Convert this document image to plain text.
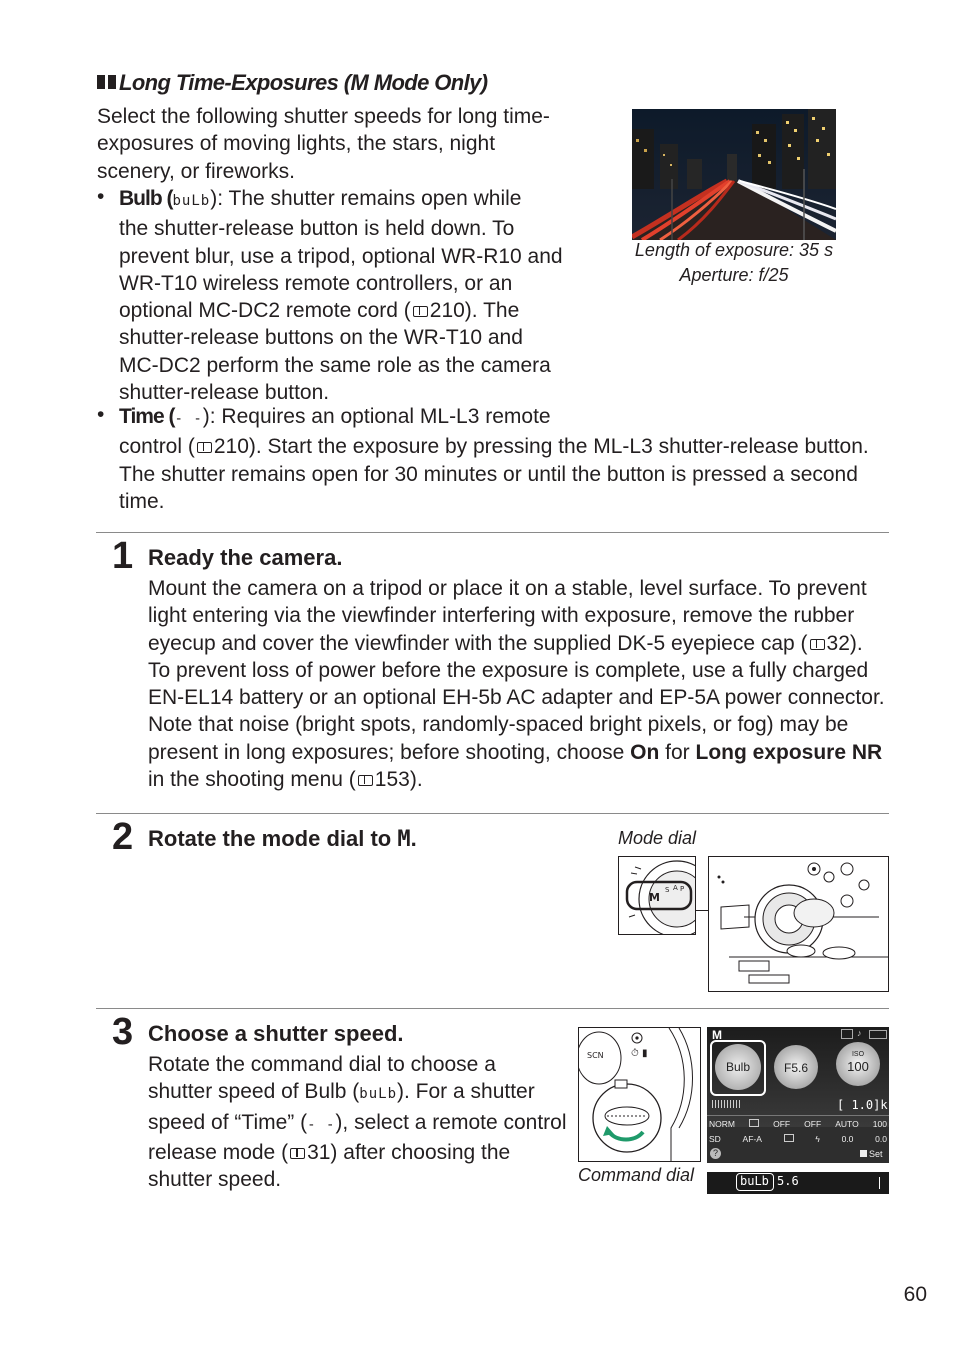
Long Time-Exposures (M Mode Only)
Select the following shutter speeds for long time-
exposures of moving lights, the stars, night
scenery, or fireworks.
Length of exposure: 35 s
Aperture: f/25
• Bulb (buLb): The shutter remains open while
the shutter-release button is held down. To
prevent blur, use a tripod, optional WR-R10 and
WR-T10 wireless remote controllers, or an
optional MC-DC2 remote cord ( 210). The
shutter-release buttons on the WR-T10 and
MC-DC2 perform the same role as the camera
shutter-release button.
• Time (- -): Requires an optional ML-L3 remote
control ( 210). Start the exposure by pressing the ML-L3 shutter-release button.
The shutter remains open for 30 minutes or until the button is pressed a second
time.
1 Ready the camera.
Mount the camera on a tripod or place it on a stable, level surface. To prevent
light entering via the viewfinder interfering with exposure, remove the rubber
eyecup and cover the viewfinder with the supplied DK-5 eyepiece cap ( 32).
To prevent loss of power before the exposure is complete, use a fully charged
EN-EL14 battery or an optional EH-5b AC adapter and EP-5A power connector.
Note that noise (bright spots, randomly-spaced bright pixels, or fog) may be
present in long exposures; before shooting, choose On for Long exposure NR
in the shooting menu ( 153).
2 Rotate the mode dial to M.	Mode dial
M
S A P
3 Choose a shutter speed.
Rotate the command dial to choose a
shutter speed of Bulb (buLb). For a shutter
speed of “Time” (- -), select a remote control
release mode ( 31) after choosing the
shutter speed.
SCN	⏱ ▮
Command dial
M	♪
Bulb	F5.6
ISO
100
[ 1.0]k
NORM	OFF OFF AUTO 100
SD	AF-A	ϟ	0.0	0.0
?	Set
buLb 5.6
60
